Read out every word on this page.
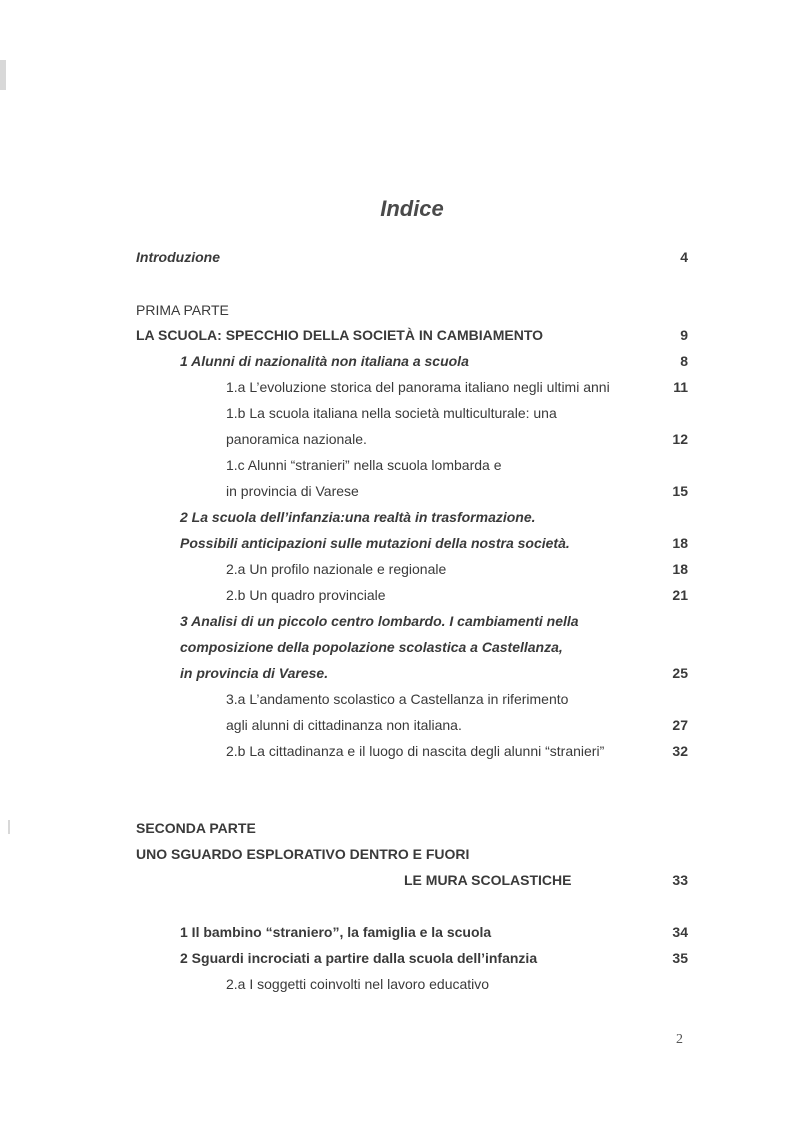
Indice
Introduzione	4
PRIMA PARTE
LA SCUOLA: SPECCHIO DELLA SOCIETÀ IN CAMBIAMENTO	9
1 Alunni di nazionalità non italiana a scuola	8
1.a L’evoluzione storica del panorama italiano negli ultimi anni	11
1.b La scuola italiana nella società multiculturale: una
panoramica nazionale.	12
1.c Alunni “stranieri” nella scuola lombarda e
in provincia di Varese	15
2 La scuola dell’infanzia:una realtà in trasformazione.
Possibili anticipazioni sulle mutazioni della nostra società.	18
2.a Un profilo nazionale e regionale	18
2.b Un quadro provinciale	21
3 Analisi di un piccolo centro lombardo. I cambiamenti nella
composizione della popolazione scolastica a Castellanza,
in provincia di Varese.	25
3.a L’andamento scolastico a Castellanza in riferimento
agli alunni di cittadinanza non italiana.	27
2.b La cittadinanza e il luogo di nascita degli alunni “stranieri”	32
SECONDA PARTE
UNO SGUARDO ESPLORATIVO DENTRO E FUORI
LE MURA SCOLASTICHE	33
1 Il bambino “straniero”, la famiglia e la scuola	34
2 Sguardi incrociati a partire dalla scuola dell’infanzia	35
2.a I soggetti coinvolti nel lavoro educativo
2
